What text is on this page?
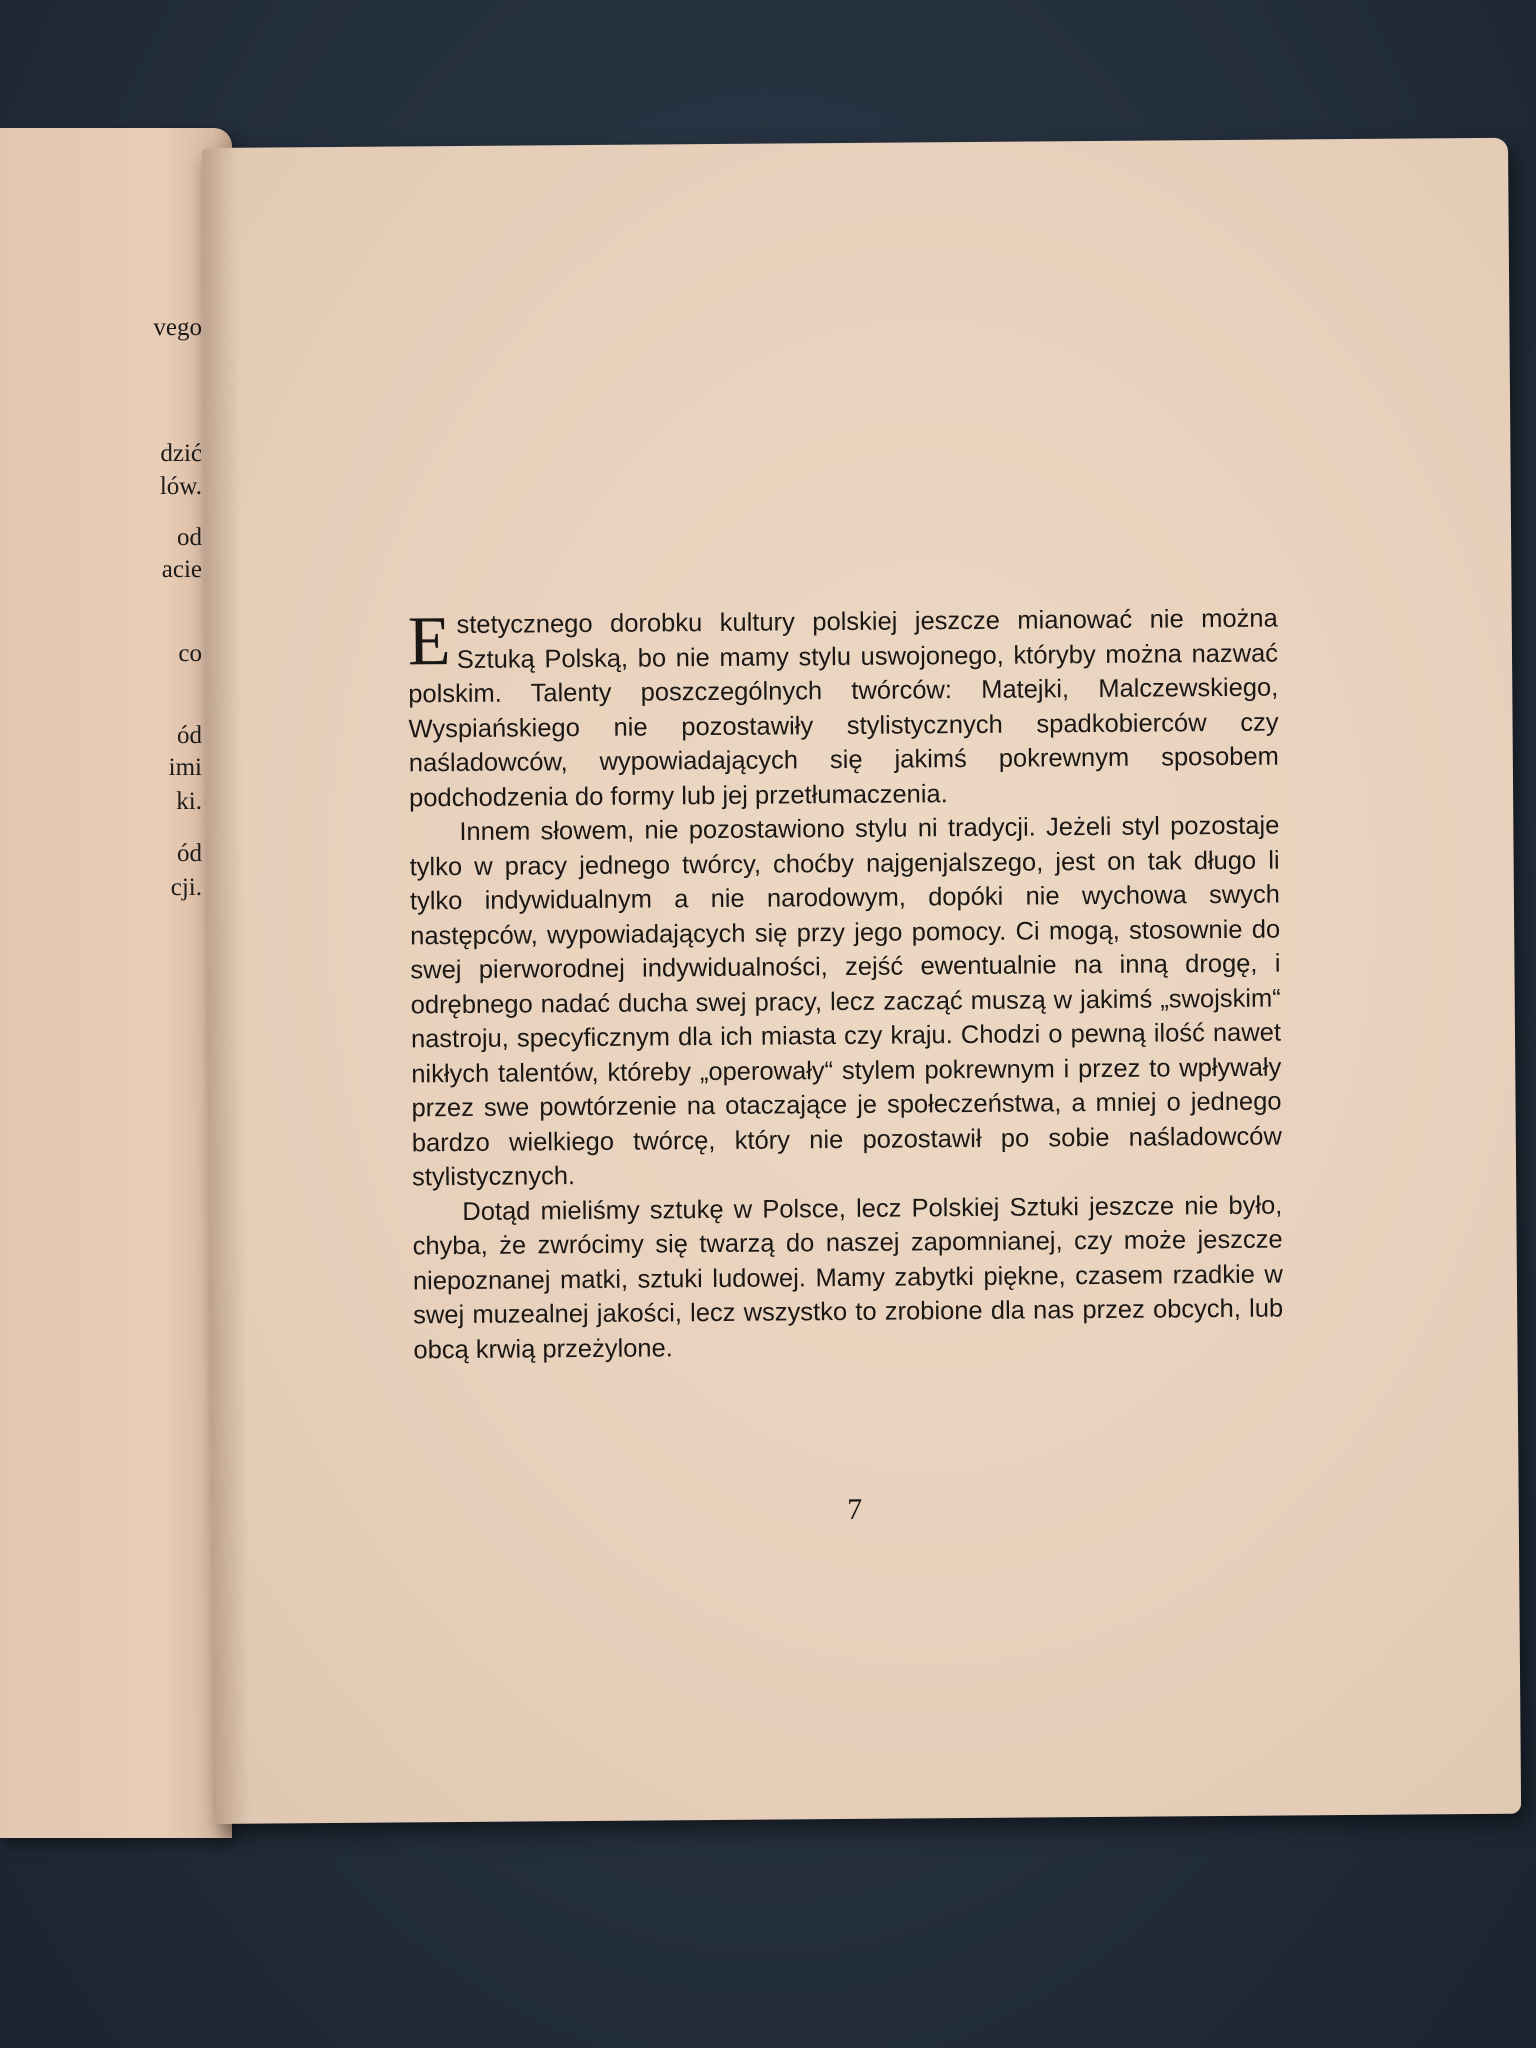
vego
dzić
lów.
od
acie
co
ód
imi
ki.
ód
cji.

Estetycznego dorobku kultury polskiej jeszcze mianować nie można Sztuką Polską, bo nie mamy stylu uswojonego, któryby można nazwać polskim. Talenty poszczególnych twórców: Matejki, Malczewskiego, Wyspiańskiego nie pozostawiły stylistycznych spadkobierców czy naśladowców, wypowiadających się jakimś pokrewnym sposobem podchodzenia do formy lub jej przetłumaczenia.

Innem słowem, nie pozostawiono stylu ni tradycji. Jeżeli styl pozostaje tylko w pracy jednego twórcy, choćby najgenjalszego, jest on tak długo li tylko indywidualnym a nie narodowym, dopóki nie wychowa swych następców, wypowiadających się przy jego pomocy. Ci mogą, stosownie do swej pierworodnej indywidualności, zejść ewentualnie na inną drogę, i odrębnego nadać ducha swej pracy, lecz zacząć muszą w jakimś „swojskim“ nastroju, specyficznym dla ich miasta czy kraju. Chodzi o pewną ilość nawet nikłych talentów, któreby „operowały“ stylem pokrewnym i przez to wpływały przez swe powtórzenie na otaczające je społeczeństwa, a mniej o jednego bardzo wielkiego twórcę, który nie pozostawił po sobie naśladowców stylistycznych.

Dotąd mieliśmy sztukę w Polsce, lecz Polskiej Sztuki jeszcze nie było, chyba, że zwrócimy się twarzą do naszej zapomnianej, czy może jeszcze niepoznanej matki, sztuki ludowej. Mamy zabytki piękne, czasem rzadkie w swej muzealnej jakości, lecz wszystko to zrobione dla nas przez obcych, lub obcą krwią przeżylone.

7
